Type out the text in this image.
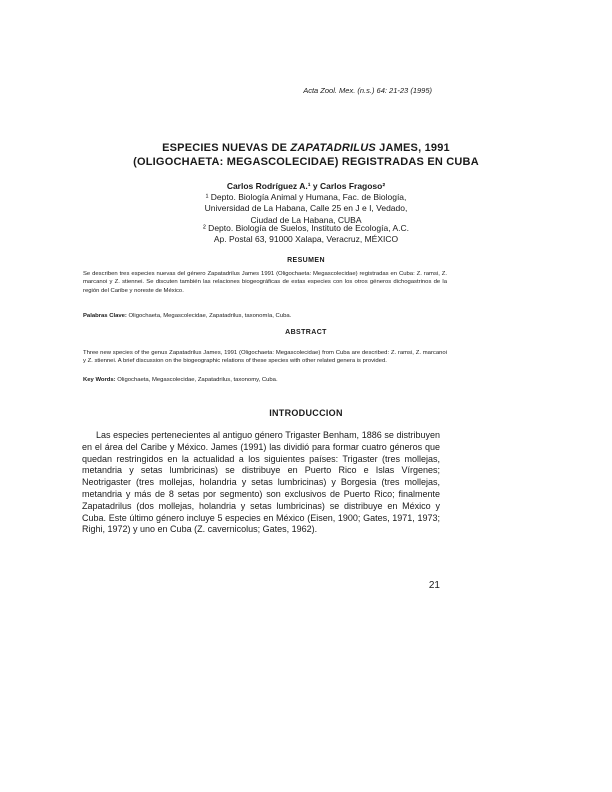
Acta Zool. Mex. (n.s.) 64: 21-23 (1995)
ESPECIES NUEVAS DE ZAPATADRILUS JAMES, 1991
(OLIGOCHAETA: MEGASCOLECIDAE) REGISTRADAS EN CUBA
Carlos Rodríguez A.¹ y Carlos Fragoso²
¹ Depto. Biología Animal y Humana, Fac. de Biología,
Universidad de La Habana, Calle 25 en J e I, Vedado,
Ciudad de La Habana, CUBA
² Depto. Biología de Suelos, Instituto de Ecología, A.C.
Ap. Postal 63, 91000 Xalapa, Veracruz, MÉXICO
RESUMEN
Se describen tres especies nuevas del género Zapatadrilus James 1991 (Oligochaeta: Megascolecidae) registradas en Cuba: Z. ramsi, Z. marcanoi y Z. stiennei. Se discuten también las relaciones biogeográficas de estas especies con los otros géneros dichogastrinos de la región del Caribe y noreste de México.
Palabras Clave: Oligochaeta, Megascolecidae, Zapatadrilus, taxonomía, Cuba.
ABSTRACT
Three new species of the genus Zapatadrilus James, 1991 (Oligochaeta: Megascolecidae) from Cuba are described: Z. ramsi, Z. marcanoi y Z. stiennei. A brief discussion on the biogeographic relations of these species with other related genera is provided.
Key Words: Oligochaeta, Megascolecidae, Zapatadrilus, taxonomy, Cuba.
INTRODUCCION

Las especies pertenecientes al antiguo género Trigaster Benham, 1886 se distribuyen en el área del Caribe y México. James (1991) las dividió para formar cuatro géneros que quedan restringidos en la actualidad a los siguientes países: Trigaster (tres mollejas, metandria y setas lumbricinas) se distribuye en Puerto Rico e Islas Vírgenes; Neotrigaster (tres mollejas, holandria y setas lumbricinas) y Borgesia (tres mollejas, metandria y más de 8 setas por segmento) son exclusivos de Puerto Rico; finalmente Zapatadrilus (dos mollejas, holandria y setas lumbricinas) se distribuye en México y Cuba. Este último género incluye 5 especies en México (Eisen, 1900; Gates, 1971, 1973; Righi, 1972) y uno en Cuba (Z. cavernicolus; Gates, 1962).

21
